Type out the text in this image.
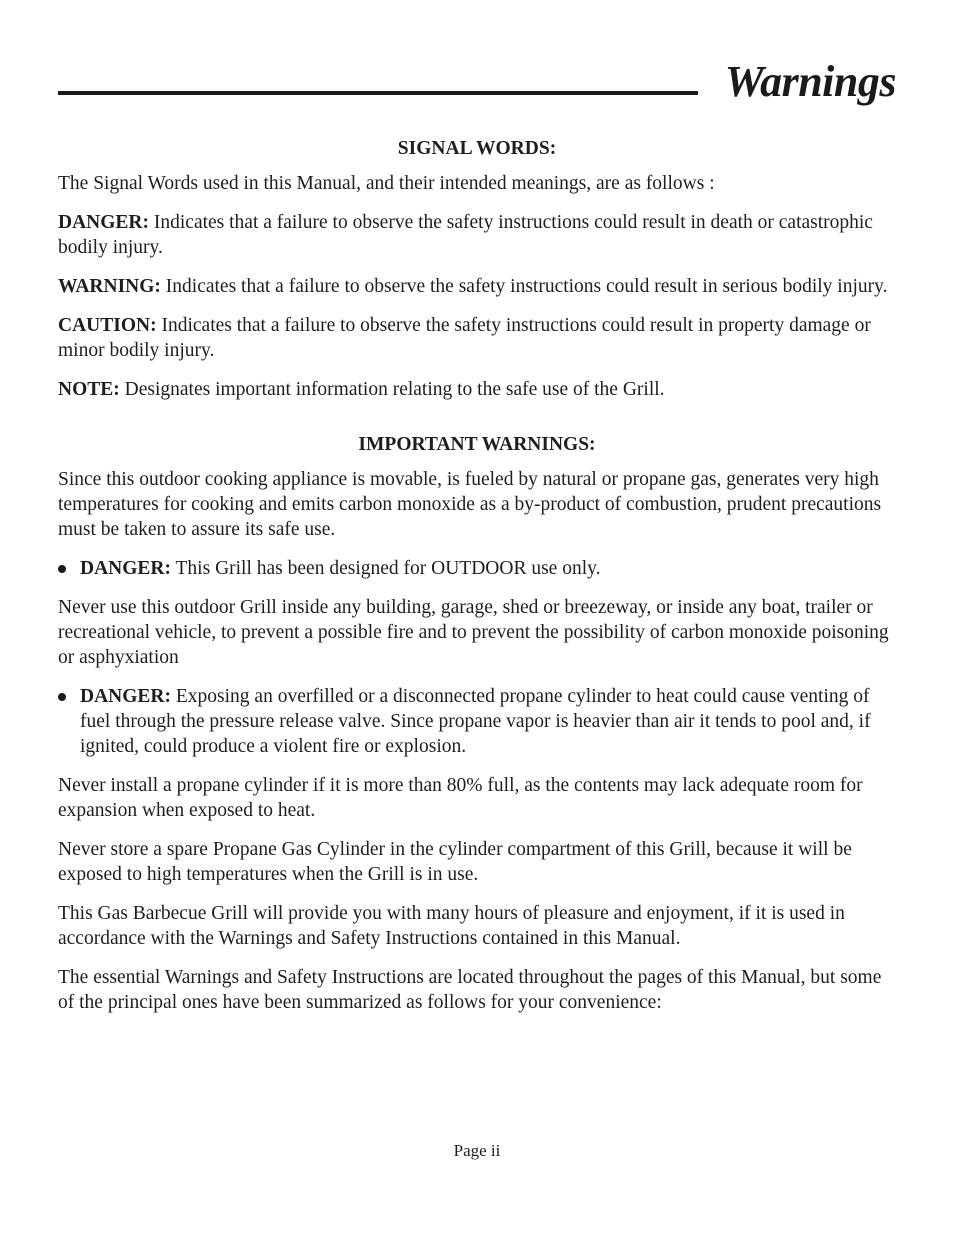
Warnings
SIGNAL WORDS:

The Signal Words used in this Manual, and their intended meanings, are as follows :

DANGER: Indicates that a failure to observe the safety instructions could result in death or catastrophic bodily injury.

WARNING: Indicates that a failure to observe the safety instructions could result in serious bodily injury.

CAUTION: Indicates that a failure to observe the safety instructions could result in property damage or minor bodily injury.

NOTE: Designates important information relating to the safe use of the Grill.

IMPORTANT WARNINGS:

Since this outdoor cooking appliance is movable, is fueled by natural or propane gas, generates very high temperatures for cooking and emits carbon monoxide as a by-product of combustion, prudent precautions must be taken to assure its safe use.

DANGER: This Grill has been designed for OUTDOOR use only.

Never use this outdoor Grill inside any building, garage, shed or breezeway, or inside any boat, trailer or recreational vehicle, to prevent a possible fire and to prevent the possibility of carbon monoxide poisoning or asphyxiation

DANGER: Exposing an overfilled or a disconnected propane cylinder to heat could cause venting of fuel through the pressure release valve. Since propane vapor is heavier than air it tends to pool and, if ignited, could produce a violent fire or explosion.

Never install a propane cylinder if it is more than 80% full, as the contents may lack adequate room for expansion when exposed to heat.

Never store a spare Propane Gas Cylinder in the cylinder compartment of this Grill, because it will be exposed to high temperatures when the Grill is in use.

This Gas Barbecue Grill will provide you with many hours of pleasure and enjoyment, if it is used in accordance with the Warnings and Safety Instructions contained in this Manual.

The essential Warnings and Safety Instructions are located throughout the pages of this Manual, but some of the principal ones have been summarized as follows for your convenience:

Page ii
